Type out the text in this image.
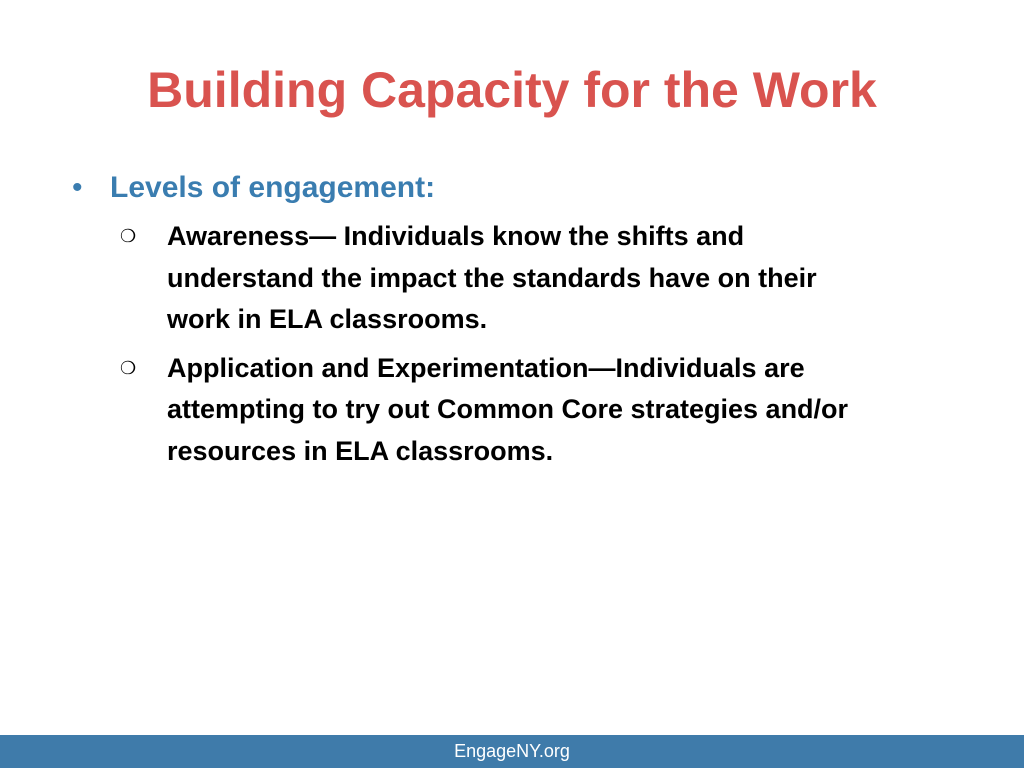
Building Capacity for the Work
• Levels of engagement:
❍	Awareness— Individuals know the shifts and understand the impact the standards have on their work in ELA classrooms.
❍	Application and Experimentation—Individuals are attempting to try out Common Core strategies and/or resources in ELA classrooms.
EngageNY.org
